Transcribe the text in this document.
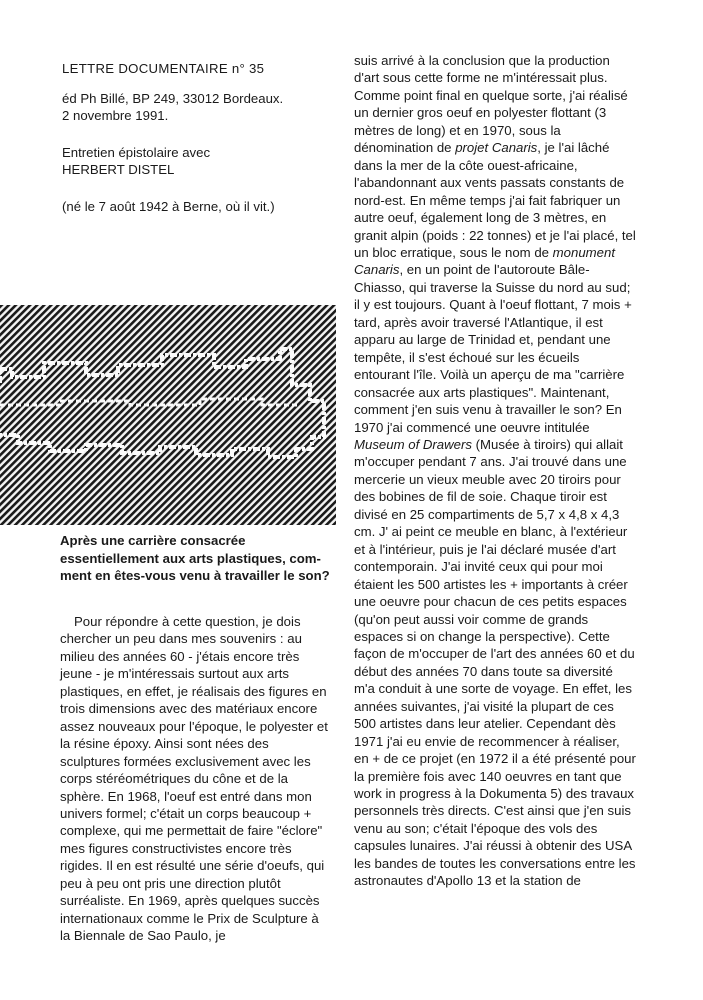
LETTRE DOCUMENTAIRE n° 35
éd Ph Billé, BP 249, 33012 Bordeaux.
2 novembre 1991.
Entretien épistolaire avec
HERBERT DISTEL
(né le 7 août 1942 à Berne, où il vit.)
Après une carrière consacrée essentiellement aux arts plastiques, com-ment en êtes-vous venu à travailler le son?

Pour répondre à cette question, je dois chercher un peu dans mes souvenirs : au milieu des années 60 - j'étais encore très jeune - je m'intéressais surtout aux arts plastiques, en effet, je réalisais des figures en trois dimensions avec des matériaux encore assez nouveaux pour l'époque, le polyester et la résine époxy. Ainsi sont nées des sculptures formées exclusivement avec les corps stéréométriques du cône et de la sphère. En 1968, l'oeuf est entré dans mon univers formel; c'était un corps beaucoup + complexe, qui me permettait de faire "éclore" mes figures constructivistes encore très rigides. Il en est résulté une série d'oeufs, qui peu à peu ont pris une direction plutôt surréaliste. En 1969, après quelques succès internationaux comme le Prix de Sculpture à la Biennale de Sao Paulo, je

suis arrivé à la conclusion que la production d'art sous cette forme ne m'intéressait plus. Comme point final en quelque sorte, j'ai réalisé un dernier gros oeuf en polyester flottant (3 mètres de long) et en 1970, sous la dénomination de projet Canaris, je l'ai lâché dans la mer de la côte ouest-africaine, l'abandonnant aux vents passats constants de nord-est. En même temps j'ai fait fabriquer un autre oeuf, également long de 3 mètres, en granit alpin (poids : 22 tonnes) et je l'ai placé, tel un bloc erratique, sous le nom de monument Canaris, en un point de l'autoroute Bâle-Chiasso, qui traverse la Suisse du nord au sud; il y est toujours. Quant à l'oeuf flottant, 7 mois + tard, après avoir traversé l'Atlantique, il est apparu au large de Trinidad et, pendant une tempête, il s'est échoué sur les écueils entourant l'île. Voilà un aperçu de ma "carrière consacrée aux arts plastiques". Maintenant, comment j'en suis venu à travailler le son? En 1970 j'ai commencé une oeuvre intitulée Museum of Drawers (Musée à tiroirs) qui allait m'occuper pendant 7 ans. J'ai trouvé dans une mercerie un vieux meuble avec 20 tiroirs pour des bobines de fil de soie. Chaque tiroir est divisé en 25 compartiments de 5,7 x 4,8 x 4,3 cm. J' ai peint ce meuble en blanc, à l'extérieur et à l'intérieur, puis je l'ai déclaré musée d'art contemporain. J'ai invité ceux qui pour moi étaient les 500 artistes les + importants à créer une oeuvre pour chacun de ces petits espaces (qu'on peut aussi voir comme de grands espaces si on change la perspective). Cette façon de m'occuper de l'art des années 60 et du début des années 70 dans toute sa diversité m'a conduit à une sorte de voyage. En effet, les années suivantes, j'ai visité la plupart de ces 500 artistes dans leur atelier. Cependant dès 1971 j'ai eu envie de recommencer à réaliser, en + de ce projet (en 1972 il a été présenté pour la première fois avec 140 oeuvres en tant que work in progress à la Dokumenta 5) des travaux personnels très directs. C'est ainsi que j'en suis venu au son; c'était l'époque des vols des capsules lunaires. J'ai réussi à obtenir des USA les bandes de toutes les conversations entre les astronautes d'Apollo 13 et la station de
